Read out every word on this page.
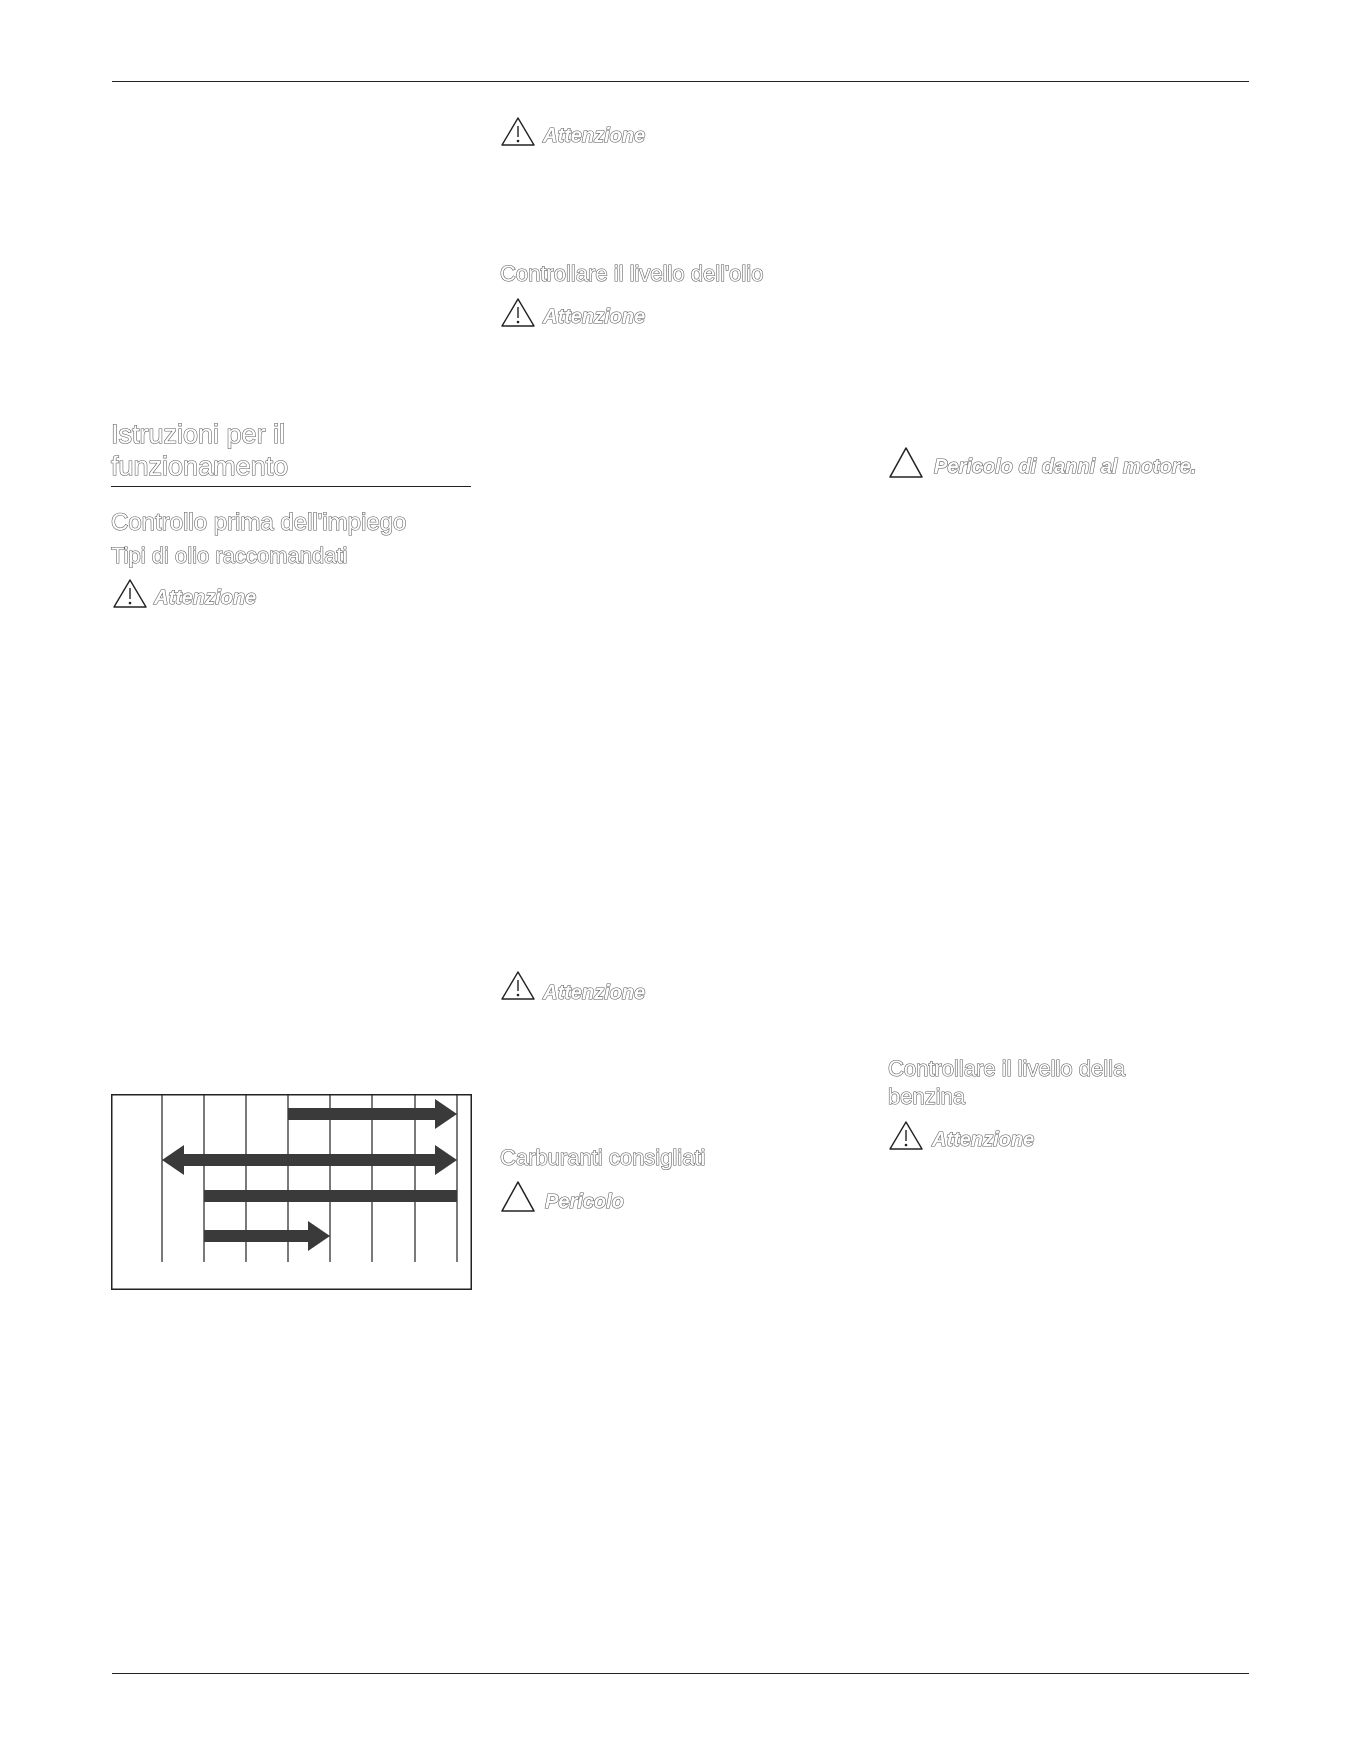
Istruzioni per il
funzionamento
Controllo prima dell'impiego
Tipi di olio raccomandati
Attenzione
Attenzione
Controllare il livello dell'olio
Attenzione
Attenzione
Carburanti consigliati
Pericolo
Pericolo di danni al motore.
Controllare il livello della
benzina
Attenzione
